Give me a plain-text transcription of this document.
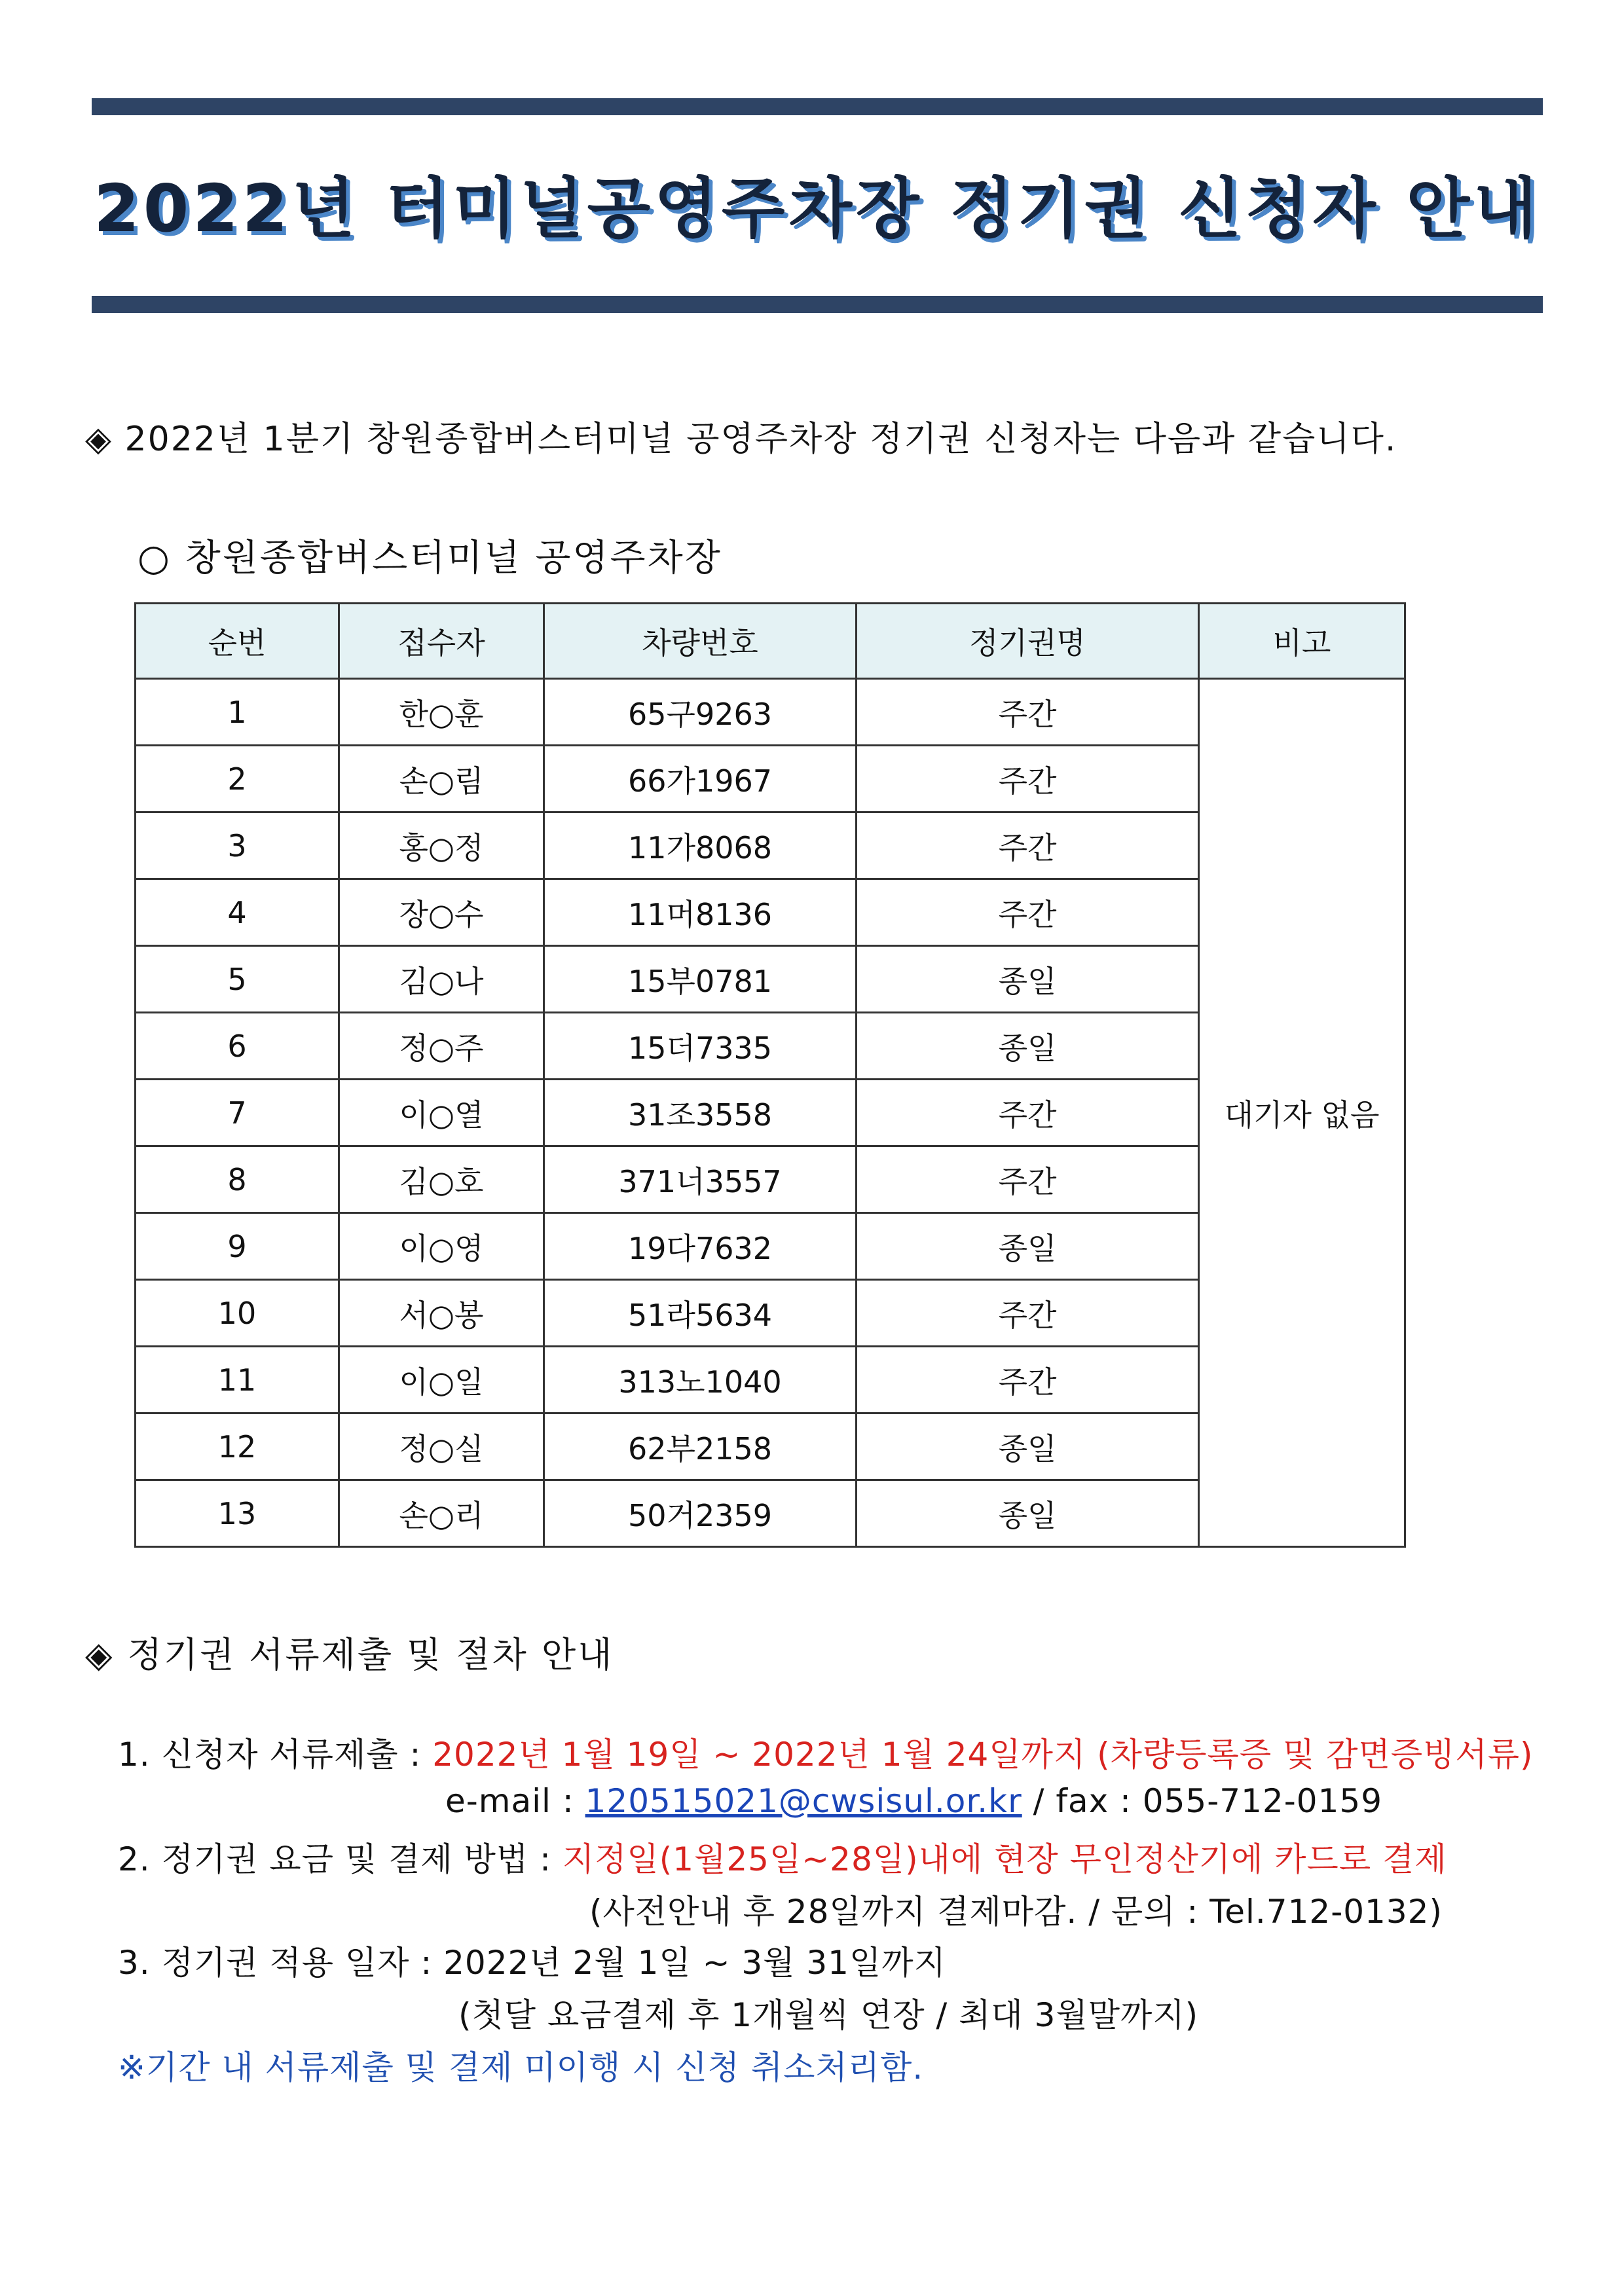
2022년 터미널공영주차장 정기권 신청자 안내
◈ 2022년 1분기 창원종합버스터미널 공영주차장 정기권 신청자는 다음과 같습니다.
○ 창원종합버스터미널 공영주차장
순번	접수자	차량번호	정기권명	비고
1	한○훈	65구9263	주간	대기자 없음
2	손○림	66가1967	주간	
3	홍○정	11가8068	주간	
4	장○수	11머8136	주간	
5	김○나	15부0781	종일	
6	정○주	15더7335	종일	
7	이○열	31조3558	주간	
8	김○호	371너3557	주간	
9	이○영	19다7632	종일	
10	서○봉	51라5634	주간	
11	이○일	313노1040	주간	
12	정○실	62부2158	종일	
13	손○리	50거2359	종일	
◈ 정기권 서류제출 및 절차 안내
1. 신청자 서류제출 : 2022년 1월 19일 ~ 2022년 1월 24일까지 (차량등록증 및 감면증빙서류)
e-mail : 120515021@cwsisul.or.kr / fax : 055-712-0159
2. 정기권 요금 및 결제 방법 : 지정일(1월25일~28일)내에 현장 무인정산기에 카드로 결제
(사전안내 후 28일까지 결제마감. / 문의 : Tel.712-0132)
3. 정기권 적용 일자 : 2022년 2월 1일 ~ 3월 31일까지
(첫달 요금결제 후 1개월씩 연장 / 최대 3월말까지)
※기간 내 서류제출 및 결제 미이행 시 신청 취소처리함.
